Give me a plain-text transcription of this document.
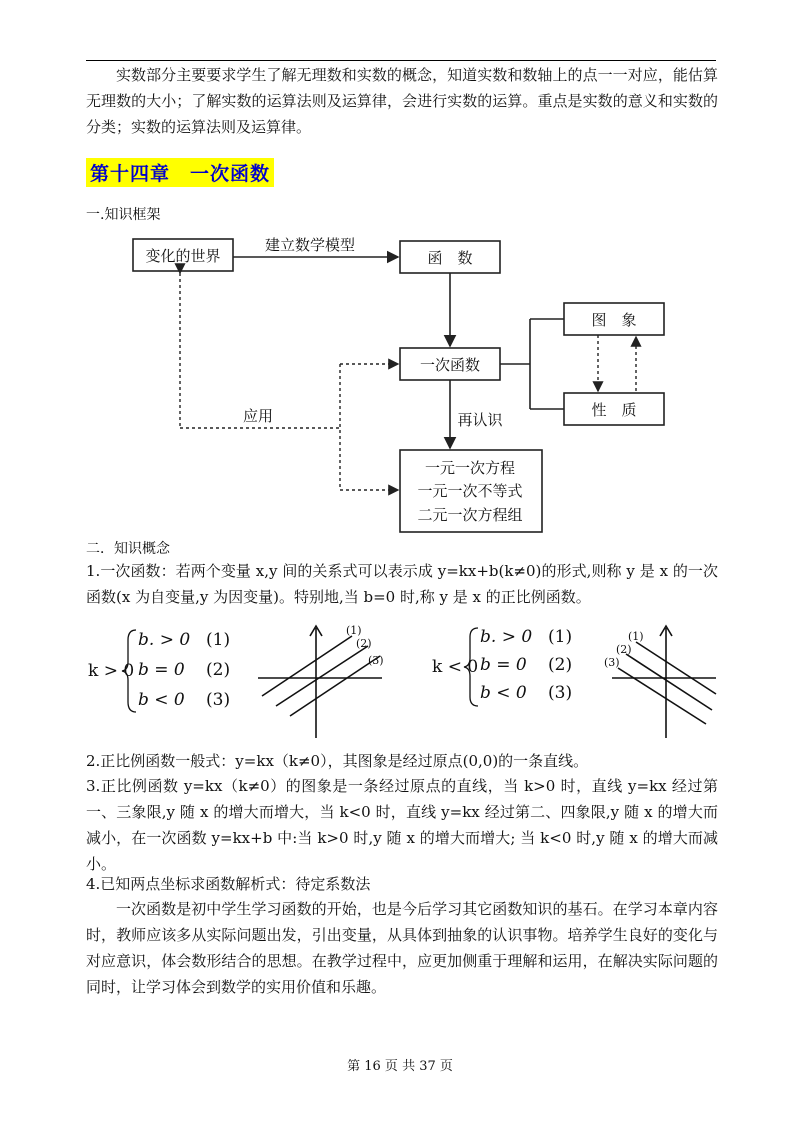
实数部分主要要求学生了解无理数和实数的概念，知道实数和数轴上的点一一对应，能估算无理数的大小；了解实数的运算法则及运算律，会进行实数的运算。重点是实数的意义和实数的分类；实数的运算法则及运算律。

第十四章　一次函数
一.知识框架
变化的世界
建立数学模型
函　数
一次函数
图　象
性　质
再认识
应用
一元一次方程
一元一次不等式
二元一次方程组
二．知识概念

1.一次函数：若两个变量 x,y 间的关系式可以表示成 y=kx+b(k≠0)的形式,则称 y 是 x 的一次函数(x 为自变量,y 为因变量)。特别地,当 b=0 时,称 y 是 x 的正比例函数。

k > 0
b. > 0
b = 0
b < 0
(1)
(2)
(3)
k < 0
b. > 0
b = 0
b < 0
(1)
(2)
(3)
(1)
(2)
(3)
(1)
(2)
(3)

2.正比例函数一般式：y=kx（k≠0），其图象是经过原点(0,0)的一条直线。

3.正比例函数 y=kx（k≠0）的图象是一条经过原点的直线，当 k>0 时，直线 y=kx 经过第一、三象限,y 随 x 的增大而增大，当 k<0 时，直线 y=kx 经过第二、四象限,y 随 x 的增大而减小，在一次函数 y=kx+b 中:当 k>0 时,y 随 x 的增大而增大; 当 k<0 时,y 随 x 的增大而减小。

4.已知两点坐标求函数解析式：待定系数法

一次函数是初中学生学习函数的开始，也是今后学习其它函数知识的基石。在学习本章内容时，教师应该多从实际问题出发，引出变量，从具体到抽象的认识事物。培养学生良好的变化与对应意识，体会数形结合的思想。在教学过程中，应更加侧重于理解和运用，在解决实际问题的同时，让学习体会到数学的实用价值和乐趣。

第 16 页 共 37 页
